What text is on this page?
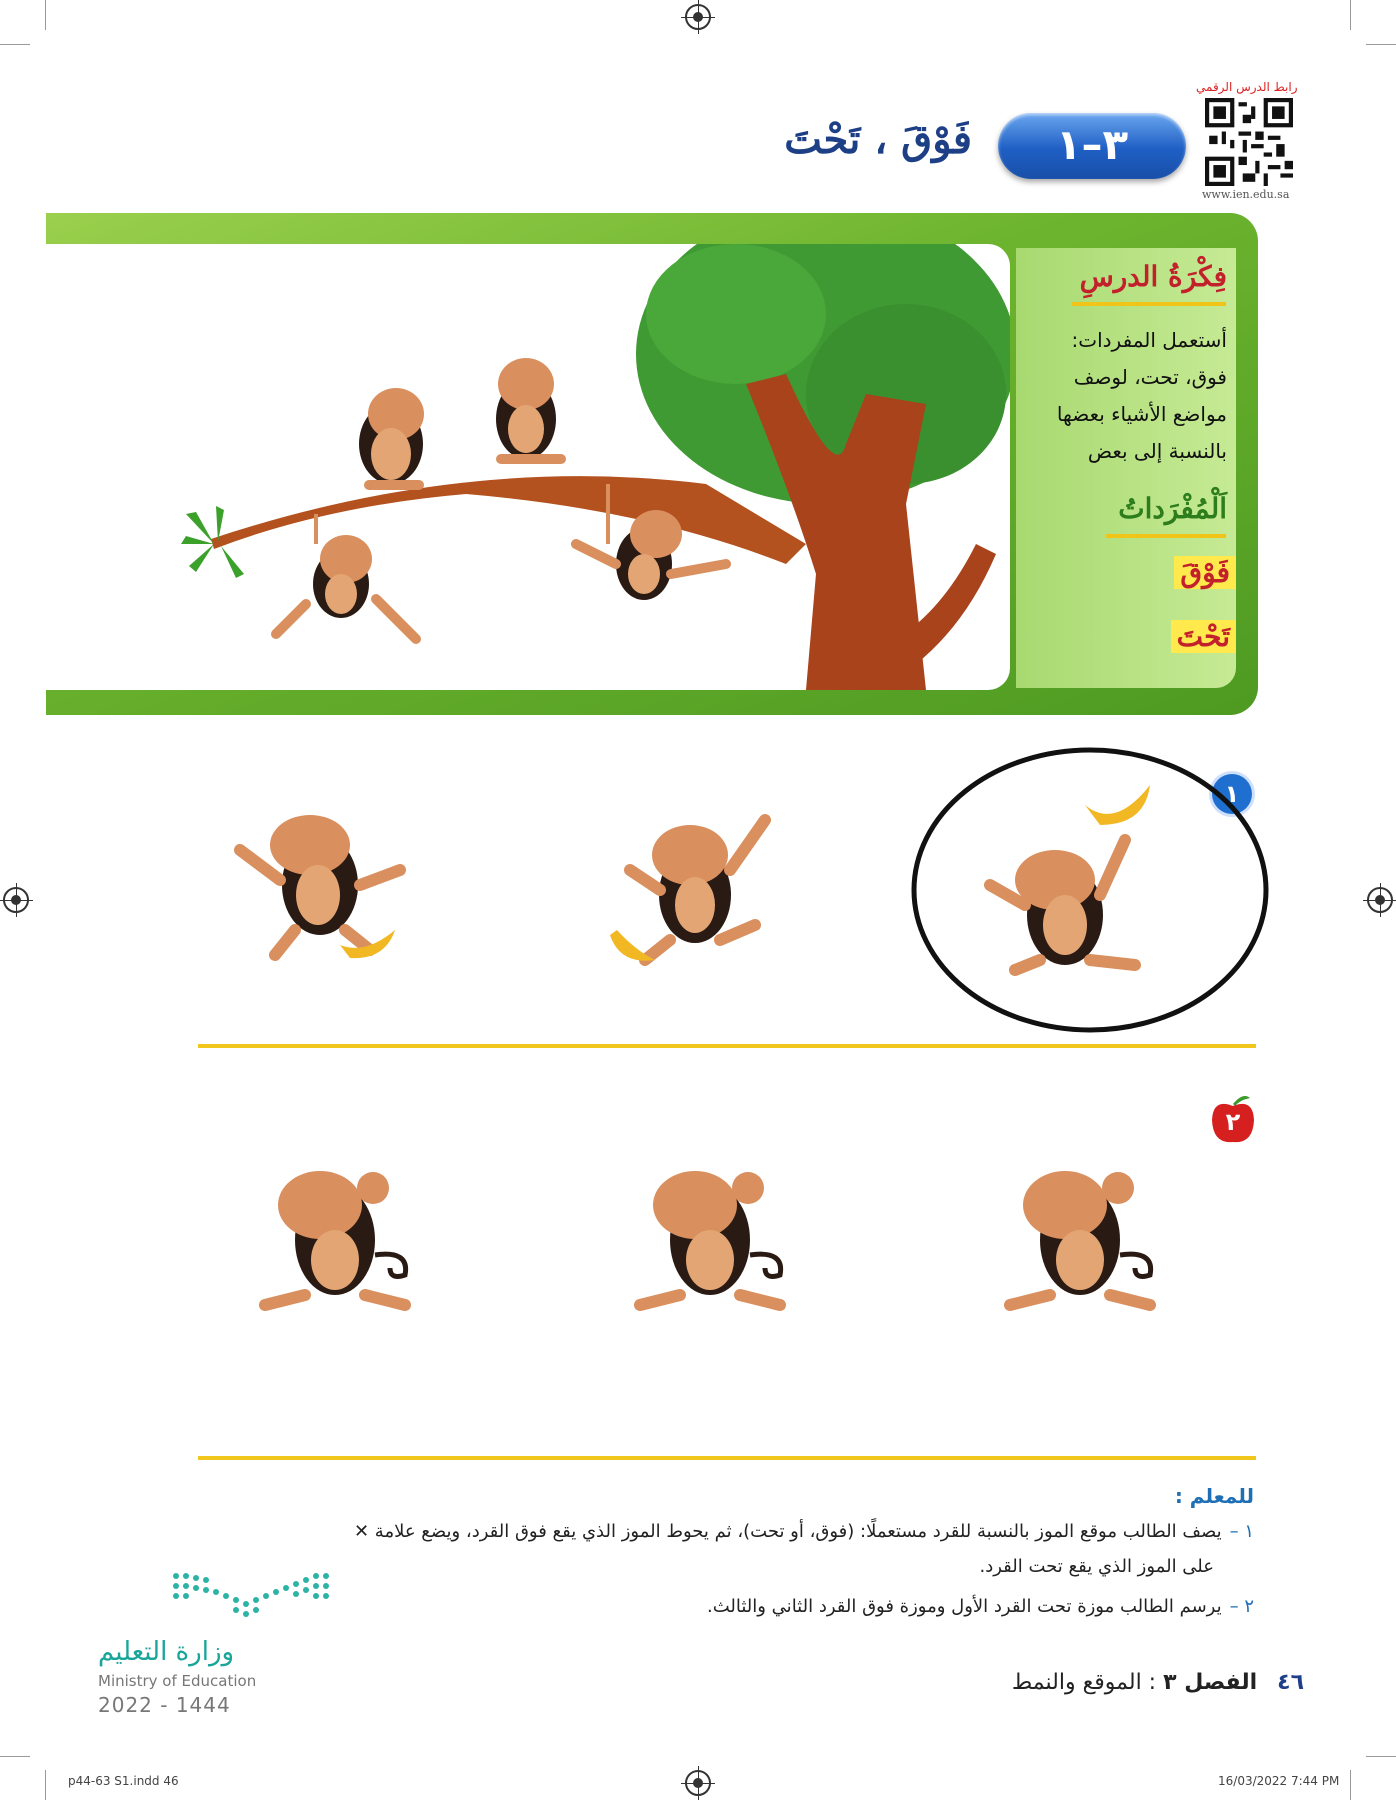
رابط الدرس الرقمي
www.ien.edu.sa
٣–١
فَوْقَ ، تَحْتَ
فِكْرَةُ الدرسِ
أستعمل المفردات:
فوق، تحت، لوصف
مواضع الأشياء بعضها
بالنسبة إلى بعض
اَلْمُفْرَداتُ
فَوْقَ
تَحْتَ
١
٢
للمعلم :
١ –يصف الطالب موقع الموز بالنسبة للقرد مستعملًا: (فوق، أو تحت)، ثم يحوط الموز الذي يقع فوق القرد، ويضع علامة ✕
على الموز الذي يقع تحت القرد.
٢ –يرسم الطالب موزة تحت القرد الأول وموزة فوق القرد الثاني والثالث.
وزارة التعليم
Ministry of Education
2022 - 1444
٤٦الفصل ٣ : الموقع والنمط
p44-63 S1.indd 46	16/03/2022 7:44 PM
